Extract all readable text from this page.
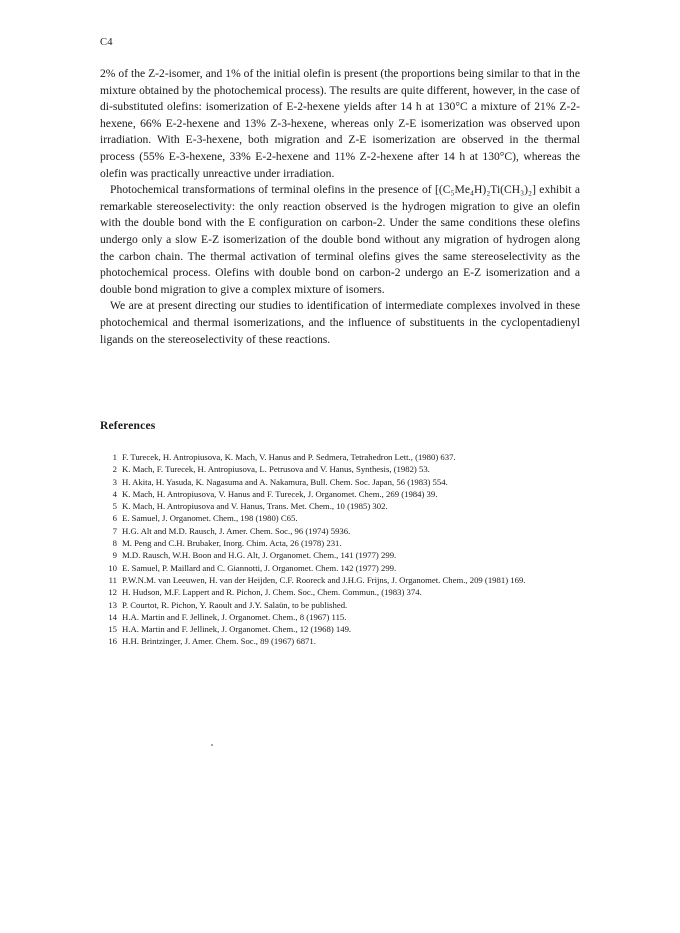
C4

2% of the Z-2-isomer, and 1% of the initial olefin is present (the proportions being similar to that in the mixture obtained by the photochemical process). The results are quite different, however, in the case of di-substituted olefins: isomerization of E-2-hexene yields after 14 h at 130°C a mixture of 21% Z-2-hexene, 66% E-2-hexene and 13% Z-3-hexene, whereas only Z-E isomerization was observed upon irradiation. With E-3-hexene, both migration and Z-E isomerization are observed in the thermal process (55% E-3-hexene, 33% E-2-hexene and 11% Z-2-hexene after 14 h at 130°C), whereas the olefin was practically unreactive under irradiation.

Photochemical transformations of terminal olefins in the presence of [(C₅Me₄H)₂Ti(CH₃)₂] exhibit a remarkable stereoselectivity: the only reaction observed is the hydrogen migration to give an olefin with the double bond with the E configuration on carbon-2. Under the same conditions these olefins undergo only a slow E-Z isomerization of the double bond without any migration of hydrogen along the carbon chain. The thermal activation of terminal olefins gives the same stereoselectivity as the photochemical process. Olefins with double bond on carbon-2 undergo an E-Z isomerization and a double bond migration to give a complex mixture of isomers.

We are at present directing our studies to identification of intermediate complexes involved in these photochemical and thermal isomerizations, and the influence of substituents in the cyclopentadienyl ligands on the stereoselectivity of these reactions.

References
1 F. Turecek, H. Antropiusova, K. Mach, V. Hanus and P. Sedmera, Tetrahedron Lett., (1980) 637.
2 K. Mach, F. Turecek, H. Antropiusova, L. Petrusova and V. Hanus, Synthesis, (1982) 53.
3 H. Akita, H. Yasuda, K. Nagasuma and A. Nakamura, Bull. Chem. Soc. Japan, 56 (1983) 554.
4 K. Mach, H. Antropiusova, V. Hanus and F. Turecek, J. Organomet. Chem., 269 (1984) 39.
5 K. Mach, H. Antropiusova and V. Hanus, Trans. Met. Chem., 10 (1985) 302.
6 E. Samuel, J. Organomet. Chem., 198 (1980) C65.
7 H.G. Alt and M.D. Rausch, J. Amer. Chem. Soc., 96 (1974) 5936.
8 M. Peng and C.H. Brubaker, Inorg. Chim. Acta, 26 (1978) 231.
9 M.D. Rausch, W.H. Boon and H.G. Alt, J. Organomet. Chem., 141 (1977) 299.
10 E. Samuel, P. Maillard and C. Giannotti, J. Organomet. Chem. 142 (1977) 299.
11 P.W.N.M. van Leeuwen, H. van der Heijden, C.F. Rooreck and J.H.G. Frijns, J. Organomet. Chem., 209 (1981) 169.
12 H. Hudson, M.F. Lappert and R. Pichon, J. Chem. Soc., Chem. Commun., (1983) 374.
13 P. Courtot, R. Pichon, Y. Raoult and J.Y. Salaün, to be published.
14 H.A. Martin and F. Jellinek, J. Organomet. Chem., 8 (1967) 115.
15 H.A. Martin and F. Jellinek, J. Organomet. Chem., 12 (1968) 149.
16 H.H. Brintzinger, J. Amer. Chem. Soc., 89 (1967) 6871.
